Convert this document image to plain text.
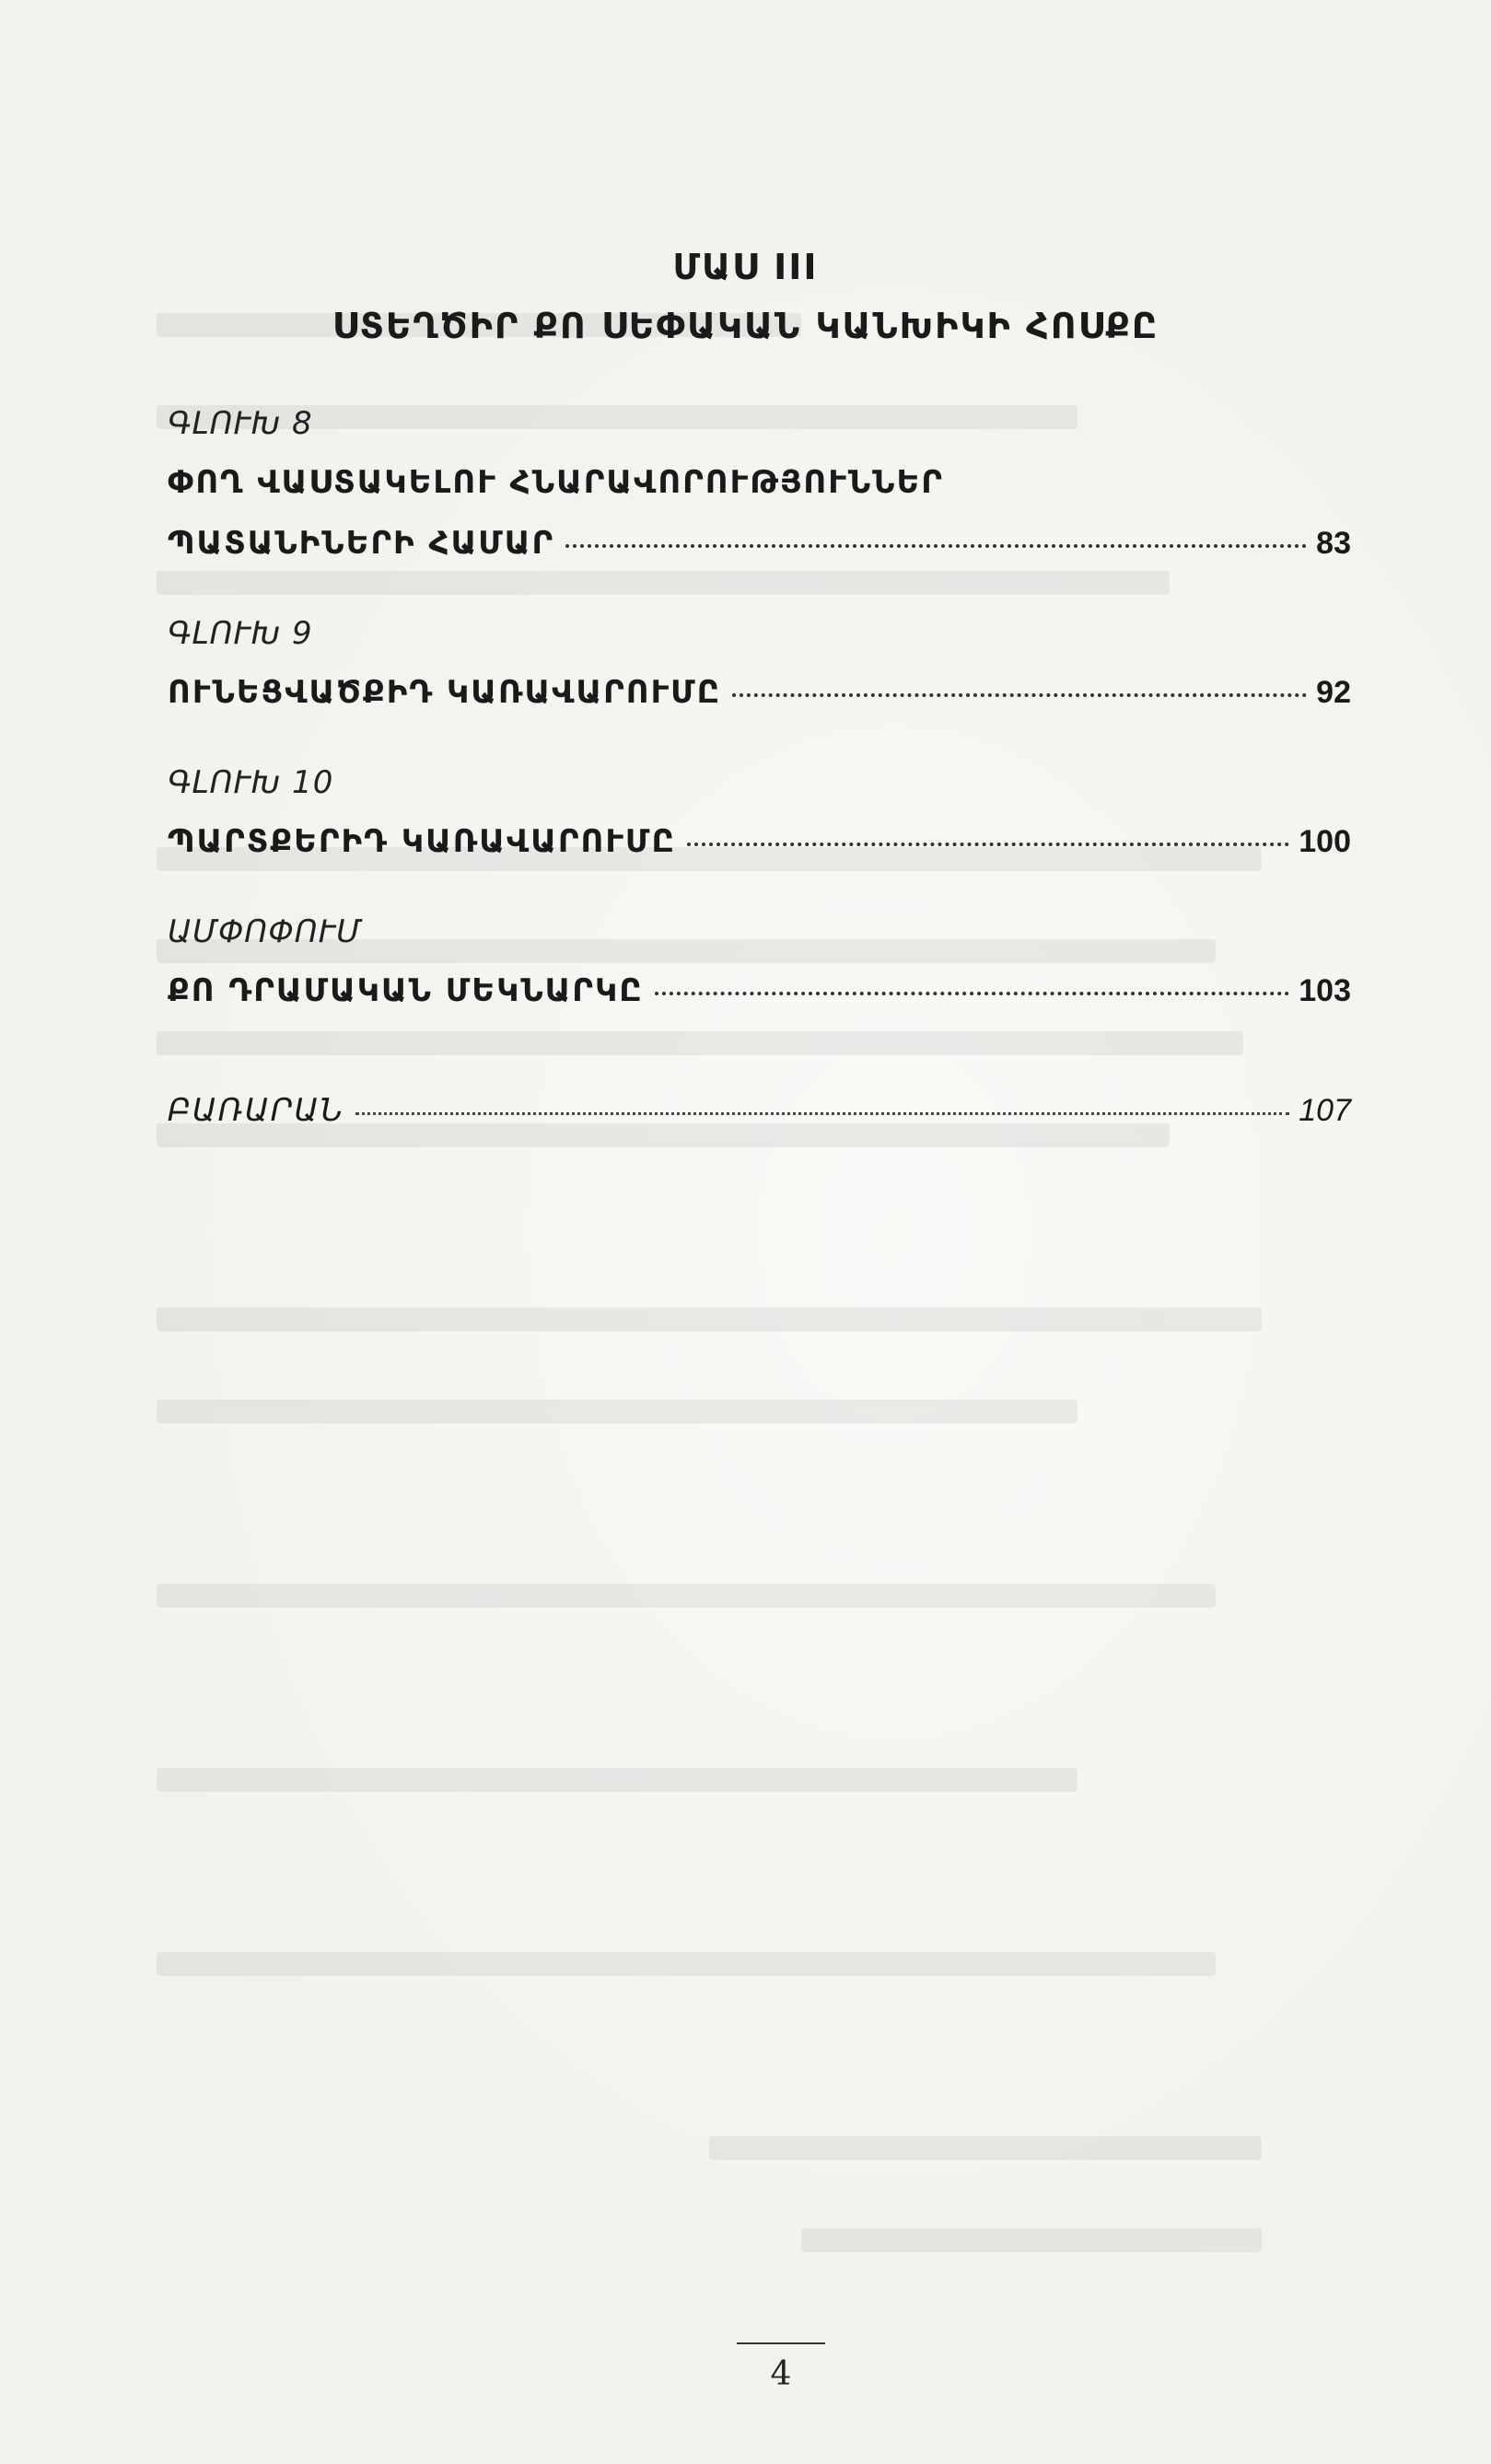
ՄԱՍ III
ՍՏԵՂԾԻՐ ՔՈ ՍԵՓԱԿԱՆ ԿԱՆԽԻԿԻ ՀՈՍՔԸ
ԳԼՈՒԽ 8
ՓՈՂ ՎԱՍՏԱԿԵԼՈՒ ՀՆԱՐԱՎՈՐՈՒԹՅՈՒՆՆԵՐ
ՊԱՏԱՆԻՆԵՐԻ ՀԱՄԱՐ	83
ԳԼՈՒԽ 9
ՈՒՆԵՑՎԱԾՔԻԴ ԿԱՌԱՎԱՐՈՒՄԸ	92
ԳԼՈՒԽ 10
ՊԱՐՏՔԵՐԻԴ ԿԱՌԱՎԱՐՈՒՄԸ	100
ԱՄՓՈՓՈՒՄ
ՔՈ ԴՐԱՄԱԿԱՆ ՄԵԿՆԱՐԿԸ	103
ԲԱՌԱՐԱՆ	107
4
